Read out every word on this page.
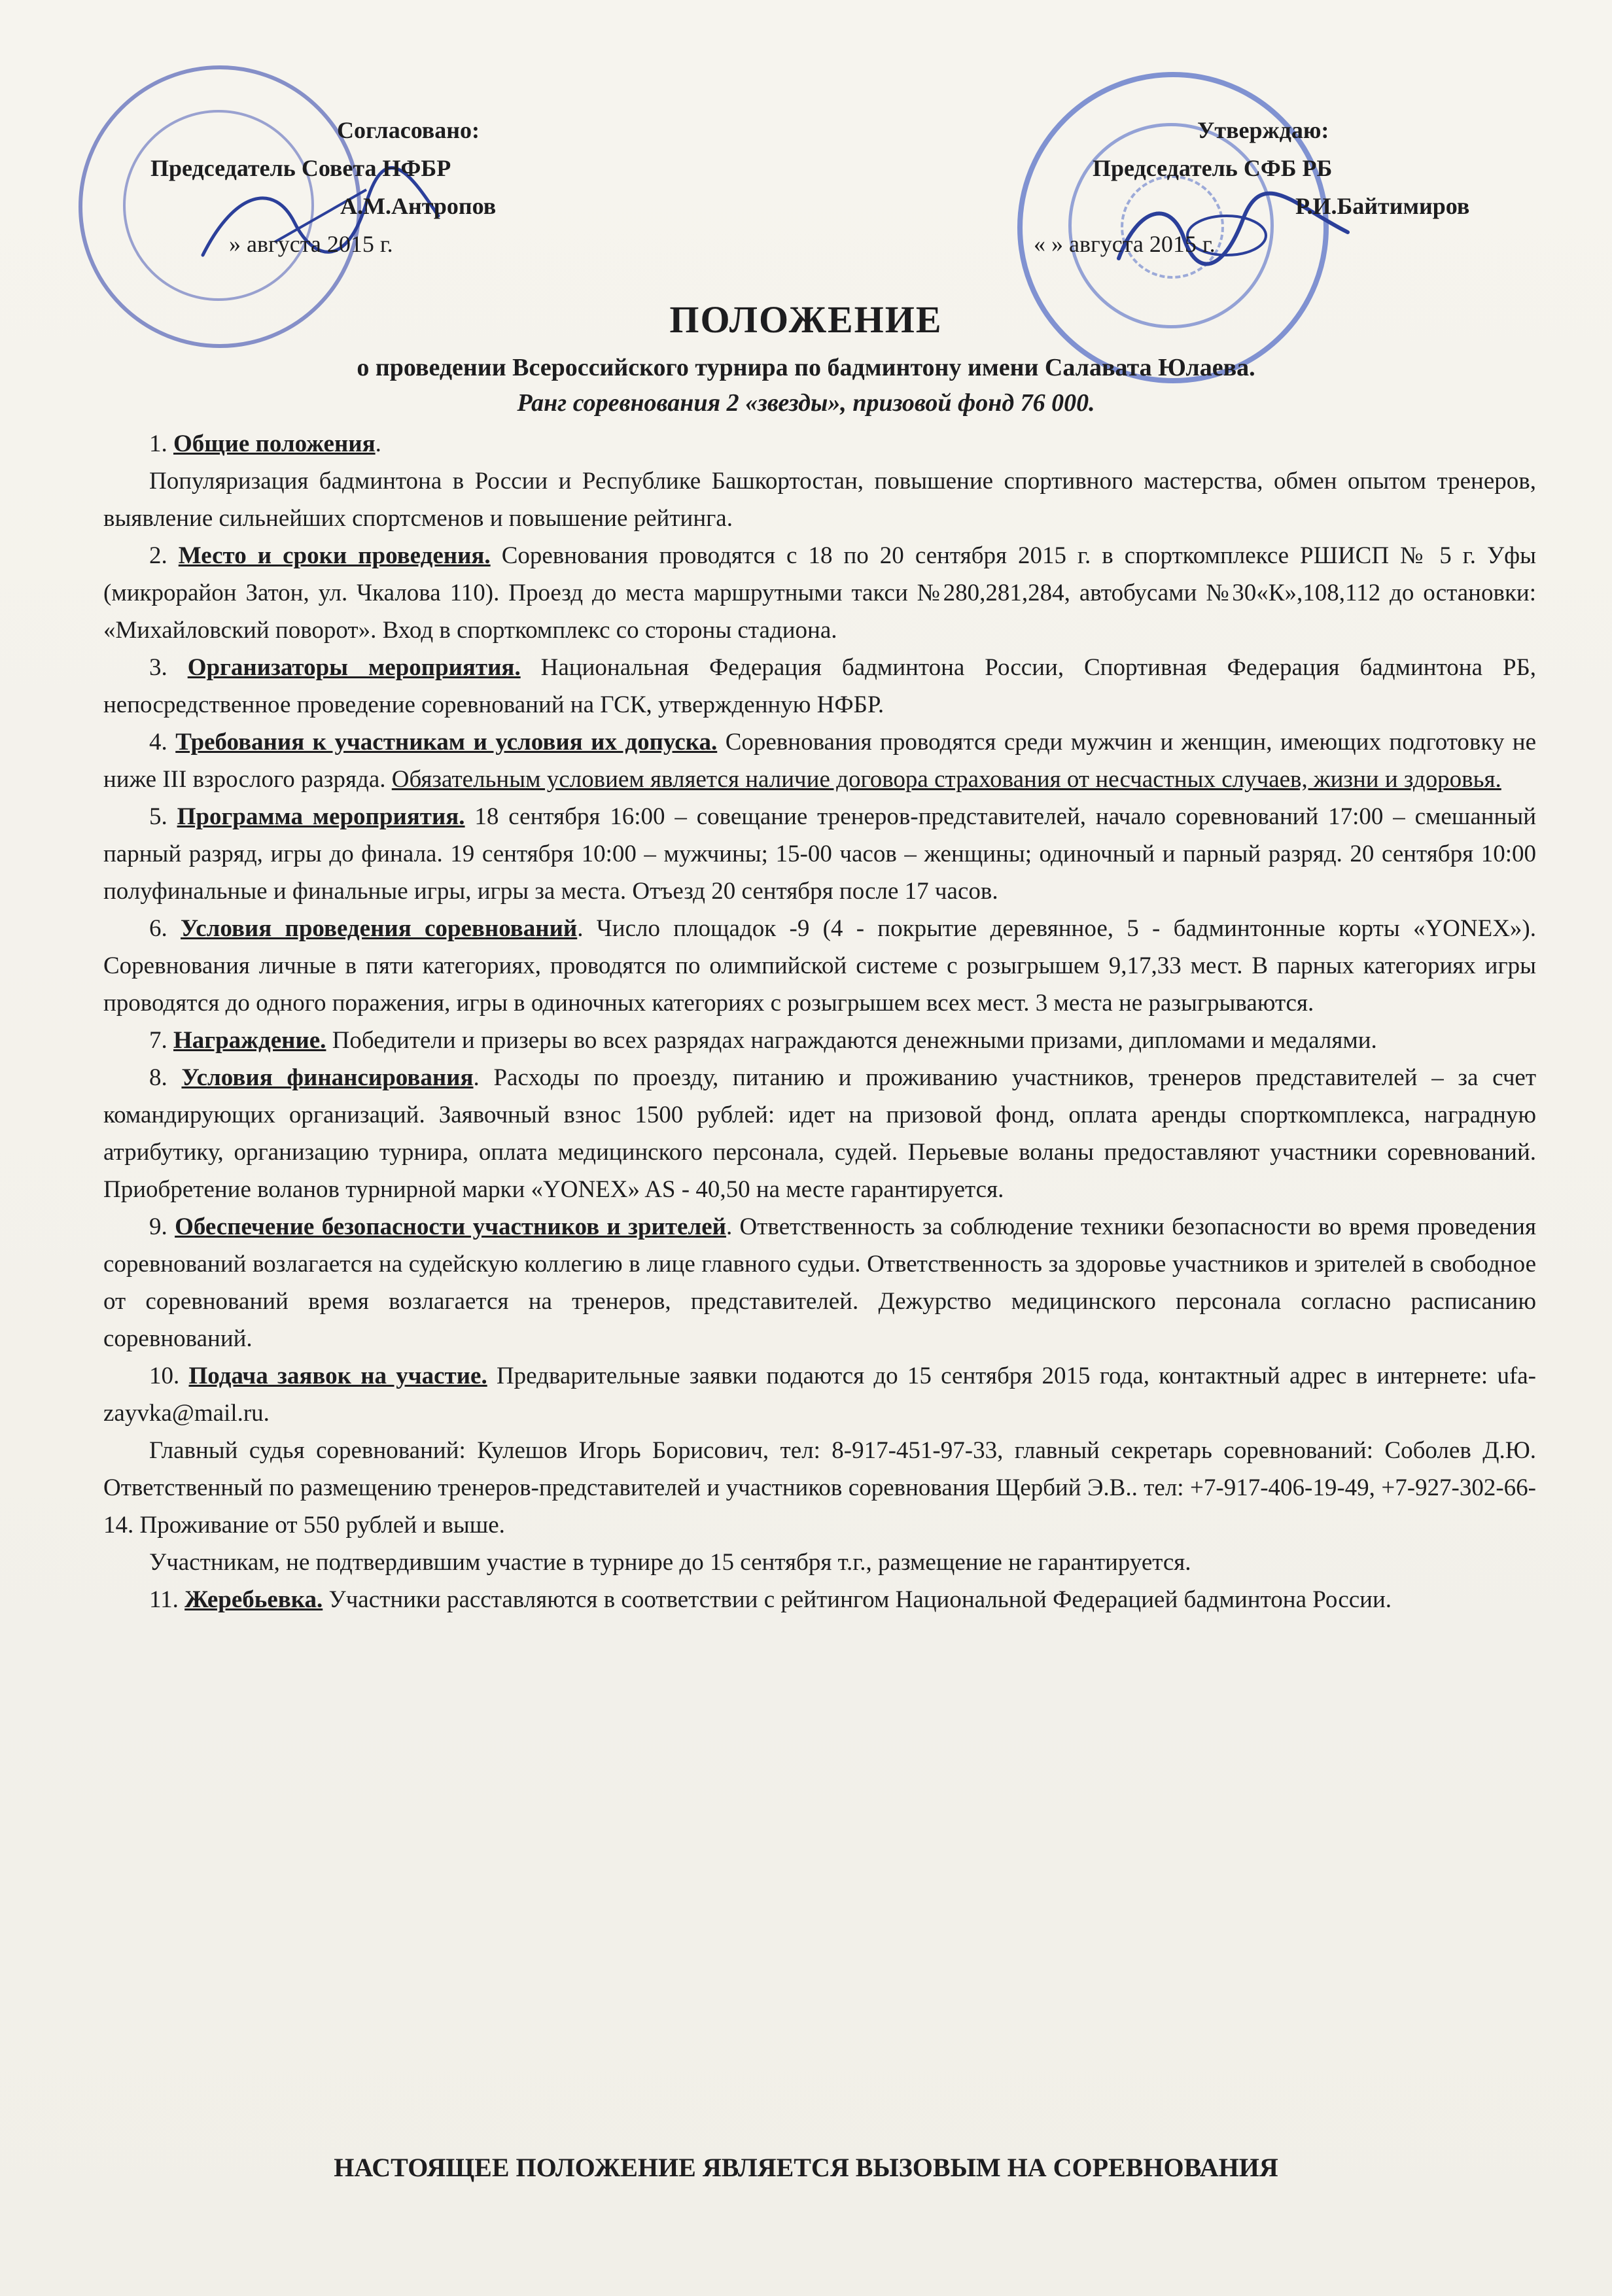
Согласовано:
Председатель Совета НФБР
А.М.Антропов
» августа 2015 г.
Утверждаю:
Председатель СФБ РБ
Р.И.Байтимиров
« » августа 2015 г.
ПОЛОЖЕНИЕ
о проведении Всероссийского турнира по бадминтону имени Салавата Юлаева.
Ранг соревнования 2 «звезды», призовой фонд 76 000.

1. Общие положения.

Популяризация бадминтона в России и Республике Башкортостан, повышение спортивного мастерства, обмен опытом тренеров, выявление сильнейших спортсменов и повышение рейтинга.

2. Место и сроки проведения. Соревнования проводятся с 18 по 20 сентября 2015 г. в спорткомплексе РШИСП № 5 г. Уфы (микрорайон Затон, ул. Чкалова 110). Проезд до места маршрутными такси №280,281,284, автобусами №30«К»,108,112 до остановки: «Михайловский поворот». Вход в спорткомплекс со стороны стадиона.

3. Организаторы мероприятия. Национальная Федерация бадминтона России, Спортивная Федерация бадминтона РБ, непосредственное проведение соревнований на ГСК, утвержденную НФБР.

4. Требования к участникам и условия их допуска. Соревнования проводятся среди мужчин и женщин, имеющих подготовку не ниже III взрослого разряда. Обязательным условием является наличие договора страхования от несчастных случаев, жизни и здоровья.

5. Программа мероприятия. 18 сентября 16:00 – совещание тренеров-представителей, начало соревнований 17:00 – смешанный парный разряд, игры до финала. 19 сентября 10:00 – мужчины; 15-00 часов – женщины; одиночный и парный разряд. 20 сентября 10:00 полуфинальные и финальные игры, игры за места. Отъезд 20 сентября после 17 часов.

6. Условия проведения соревнований. Число площадок -9 (4 - покрытие деревянное, 5 - бадминтонные корты «YONEX»). Соревнования личные в пяти категориях, проводятся по олимпийской системе с розыгрышем 9,17,33 мест. В парных категориях игры проводятся до одного поражения, игры в одиночных категориях с розыгрышем всех мест. 3 места не разыгрываются.

7. Награждение. Победители и призеры во всех разрядах награждаются денежными призами, дипломами и медалями.

8. Условия финансирования. Расходы по проезду, питанию и проживанию участников, тренеров представителей – за счет командирующих организаций. Заявочный взнос 1500 рублей: идет на призовой фонд, оплата аренды спорткомплекса, наградную атрибутику, организацию турнира, оплата медицинского персонала, судей. Перьевые воланы предоставляют участники соревнований. Приобретение воланов турнирной марки «YONEX» AS - 40,50 на месте гарантируется.

9. Обеспечение безопасности участников и зрителей. Ответственность за соблюдение техники безопасности во время проведения соревнований возлагается на судейскую коллегию в лице главного судьи. Ответственность за здоровье участников и зрителей в свободное от соревнований время возлагается на тренеров, представителей. Дежурство медицинского персонала согласно расписанию соревнований.

10. Подача заявок на участие. Предварительные заявки подаются до 15 сентября 2015 года, контактный адрес в интернете: ufa-zayvka@mail.ru.

Главный судья соревнований: Кулешов Игорь Борисович, тел: 8-917-451-97-33, главный секретарь соревнований: Соболев Д.Ю. Ответственный по размещению тренеров-представителей и участников соревнования Щербий Э.В.. тел: +7-917-406-19-49, +7-927-302-66-14. Проживание от 550 рублей и выше.

Участникам, не подтвердившим участие в турнире до 15 сентября т.г., размещение не гарантируется.

11. Жеребьевка. Участники расставляются в соответствии с рейтингом Национальной Федерацией бадминтона России.

НАСТОЯЩЕЕ ПОЛОЖЕНИЕ ЯВЛЯЕТСЯ ВЫЗОВЫМ НА СОРЕВНОВАНИЯ
